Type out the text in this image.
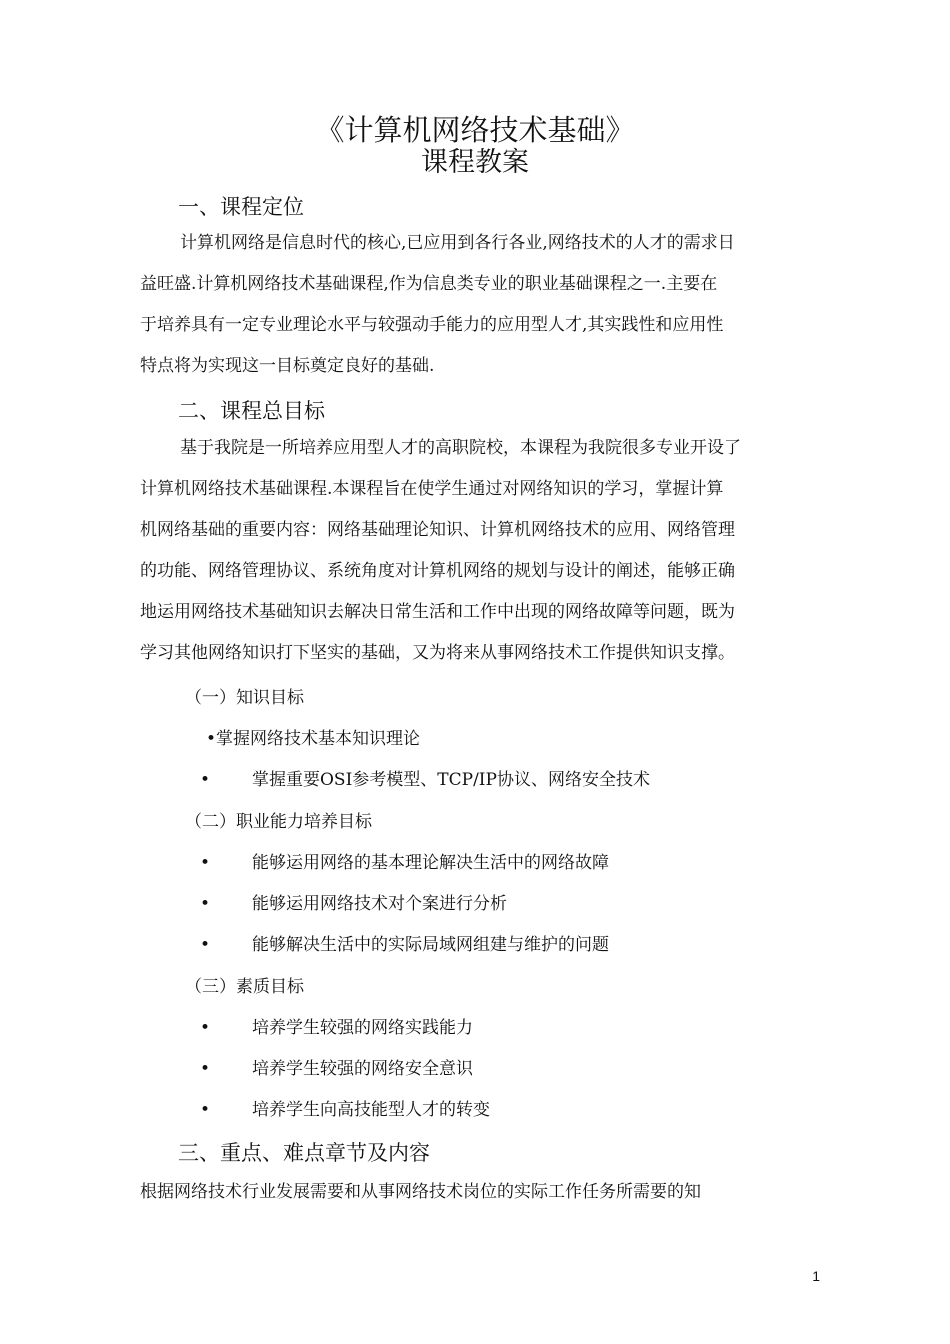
《计算机网络技术基础》
课程教案
一、课程定位
计算机网络是信息时代的核心,已应用到各行各业,网络技术的人才的需求日
益旺盛.计算机网络技术基础课程,作为信息类专业的职业基础课程之一.主要在
于培养具有一定专业理论水平与较强动手能力的应用型人才,其实践性和应用性
特点将为实现这一目标奠定良好的基础.
二、课程总目标
基于我院是一所培养应用型人才的高职院校，本课程为我院很多专业开设了
计算机网络技术基础课程.本课程旨在使学生通过对网络知识的学习，掌握计算
机网络基础的重要内容：网络基础理论知识、计算机网络技术的应用、网络管理
的功能、网络管理协议、系统角度对计算机网络的规划与设计的阐述，能够正确
地运用网络技术基础知识去解决日常生活和工作中出现的网络故障等问题，既为
学习其他网络知识打下坚实的基础，又为将来从事网络技术工作提供知识支撑。
（一）知识目标
•掌握网络技术基本知识理论
• 掌握重要OSI参考模型、TCP/IP协议、网络安全技术
（二）职业能力培养目标
• 能够运用网络的基本理论解决生活中的网络故障
• 能够运用网络技术对个案进行分析
• 能够解决生活中的实际局域网组建与维护的问题
（三）素质目标
• 培养学生较强的网络实践能力
• 培养学生较强的网络安全意识
• 培养学生向高技能型人才的转变
三、重点、难点章节及内容
根据网络技术行业发展需要和从事网络技术岗位的实际工作任务所需要的知
1
